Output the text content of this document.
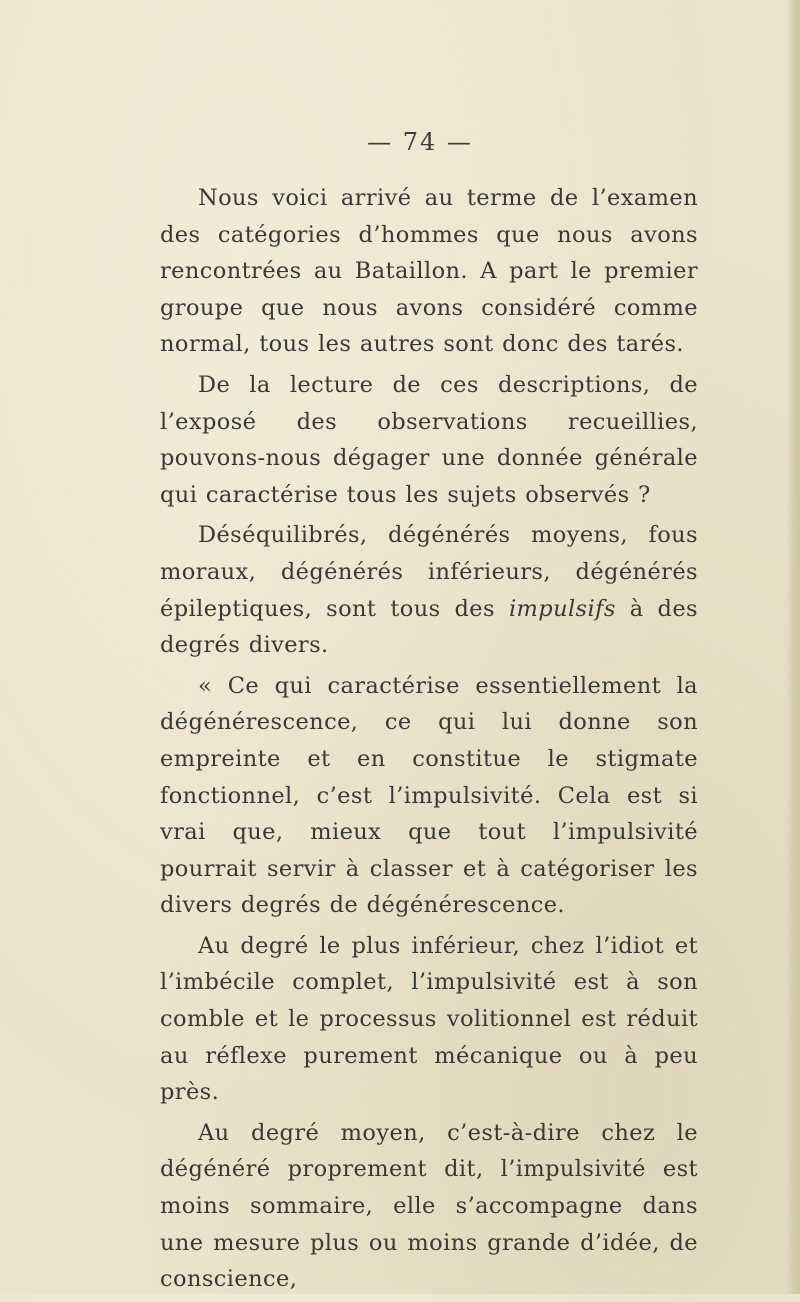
— 74 —

Nous voici arrivé au terme de l’examen des catégories d’hommes que nous avons rencontrées au Bataillon. A part le premier groupe que nous avons considéré comme normal, tous les autres sont donc des tarés.

De la lecture de ces descriptions, de l’exposé des observations recueillies, pouvons-nous dégager une donnée générale qui caractérise tous les sujets observés ?

Déséquilibrés, dégénérés moyens, fous moraux, dégénérés inférieurs, dégénérés épileptiques, sont tous des impulsifs à des degrés divers.

« Ce qui caractérise essentiellement la dégénérescence, ce qui lui donne son empreinte et en constitue le stigmate fonctionnel, c’est l’impulsivité. Cela est si vrai que, mieux que tout l’impulsivité pourrait servir à classer et à catégoriser les divers degrés de dégénérescence.

Au degré le plus inférieur, chez l’idiot et l’imbécile complet, l’impulsivité est à son comble et le processus volitionnel est réduit au réflexe purement mécanique ou à peu près.

Au degré moyen, c’est-à-dire chez le dégénéré proprement dit, l’impulsivité est moins sommaire, elle s’accompagne dans une mesure plus ou moins grande d’idée, de conscience,
